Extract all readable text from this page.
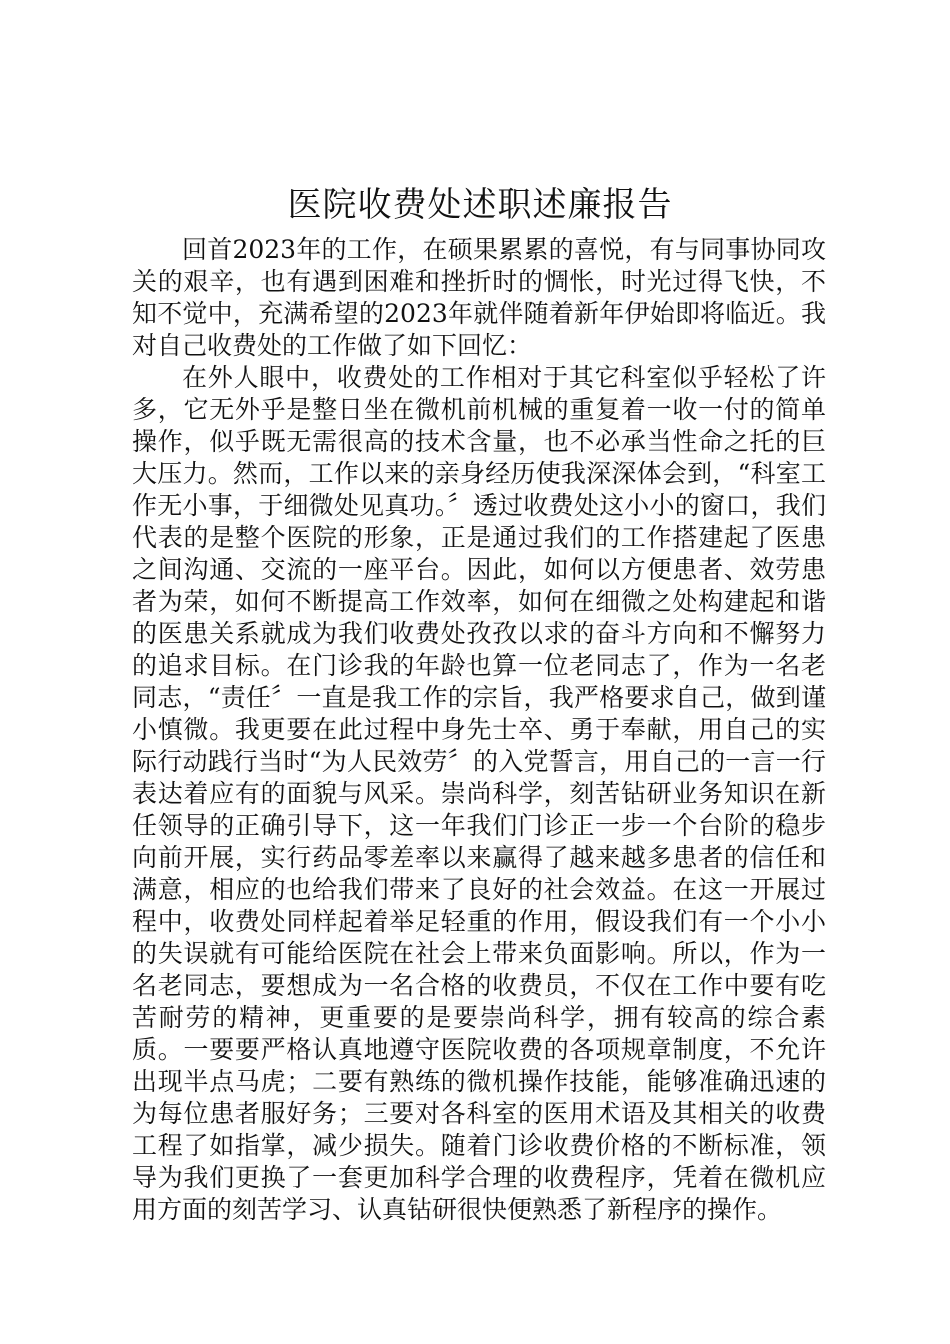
医院收费处述职述廉报告

回首2023年的工作，在硕果累累的喜悦，有与同事协同攻关的艰辛，也有遇到困难和挫折时的惆怅，时光过得飞快，不知不觉中，充满希望的2023年就伴随着新年伊始即将临近。我对自己收费处的工作做了如下回忆：

在外人眼中，收费处的工作相对于其它科室似乎轻松了许多，它无外乎是整日坐在微机前机械的重复着一收一付的简单操作，似乎既无需很高的技术含量，也不必承当性命之托的巨大压力。然而，工作以来的亲身经历使我深深体会到，“科室工作无小事，于细微处见真功。〞透过收费处这小小的窗口，我们代表的是整个医院的形象，正是通过我们的工作搭建起了医患之间沟通、交流的一座平台。因此，如何以方便患者、效劳患者为荣，如何不断提高工作效率，如何在细微之处构建起和谐的医患关系就成为我们收费处孜孜以求的奋斗方向和不懈努力的追求目标。在门诊我的年龄也算一位老同志了，作为一名老同志，“责任〞一直是我工作的宗旨，我严格要求自己，做到谨小慎微。我更要在此过程中身先士卒、勇于奉献，用自己的实际行动践行当时“为人民效劳〞的入党誓言，用自己的一言一行表达着应有的面貌与风采。崇尚科学，刻苦钻研业务知识在新任领导的正确引导下，这一年我们门诊正一步一个台阶的稳步向前开展，实行药品零差率以来赢得了越来越多患者的信任和满意，相应的也给我们带来了良好的社会效益。在这一开展过程中，收费处同样起着举足轻重的作用，假设我们有一个小小的失误就有可能给医院在社会上带来负面影响。所以，作为一名老同志，要想成为一名合格的收费员，不仅在工作中要有吃苦耐劳的精神，更重要的是要崇尚科学，拥有较高的综合素质。一要要严格认真地遵守医院收费的各项规章制度，不允许出现半点马虎；二要有熟练的微机操作技能，能够准确迅速的为每位患者服好务；三要对各科室的医用术语及其相关的收费工程了如指掌，减少损失。随着门诊收费价格的不断标准，领导为我们更换了一套更加科学合理的收费程序，凭着在微机应用方面的刻苦学习、认真钻研很快便熟悉了新程序的操作。
